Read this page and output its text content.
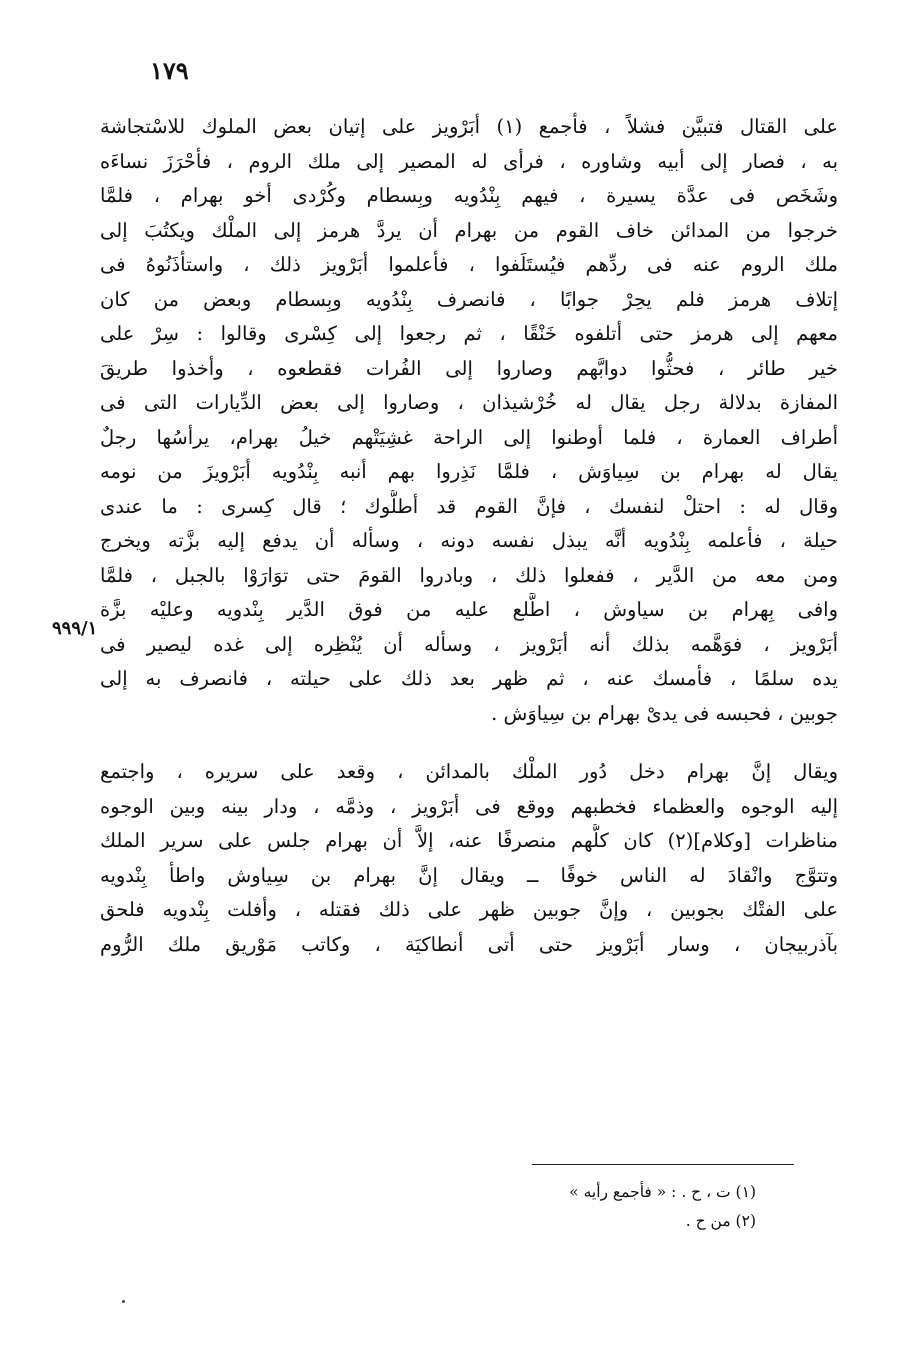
١٧٩
على القتال فتبيَّن فشلاً ، فأجمع (١) أبَرْويز على إتيان بعض الملوك للاسْتجاشة
به ، فصار إلى أبيه وشاوره ، فرأى له المصير إلى ملك الروم ، فأحْرَزَ نساءَه
وشَخَص فى عدَّة يسيرة ، فيهم بِنْدُويه وبِسطام وكُرْدى أخو بهرام ، فلمَّا
خرجوا من المدائن خاف القوم من بهرام أن يردَّ هرمز إلى الملْك ويكتُبَ إلى
ملك الروم عنه فى ردِّهم فيُستَلَفوا ، فأعلموا أبَرْويز ذلك ، واستأذَنُوهُ فى
إتلاف هرمز فلم يحِرْ جوابًا ، فانصرف بِنْدُويه وبِسطام وبعض من كان
معهم إلى هرمز حتى أتلفوه خَنْقًا ، ثم رجعوا إلى كِسْرى وقالوا : سِرْ على
خير طائر ، فحثُّوا دوابَّهم وصاروا إلى الفُرات فقطعوه ، وأخذوا طريقَ
المفازة بدلالة رجل يقال له خُرْشيذان ، وصاروا إلى بعض الدِّيارات التى فى
أطراف العمارة ، فلما أوطنوا إلى الراحة غشِيَتْهم خيلُ بهرام، يرأسُها رجلٌ
يقال له بهرام بن سِياوَش ، فلمَّا نَذِروا بهم أنبه بِنْدُويه أبَرْويزَ من نومه
وقال له : احتلْ لنفسك ، فإنَّ القوم قد أطلُّوك ؛ قال كِسرى : ما عندى
حيلة ، فأعلمه بِنْدُويه أنَّه يبذل نفسه دونه ، وسأله أن يدفع إليه بزَّته ويخرج
ومن معه من الدَّير ، ففعلوا ذلك ، وبادروا القومَ حتى توَارَوْا بالجبل ، فلمَّا
وافى بِهرام بن سياوش ، اطَّلع عليه من فوق الدَّير بِنْدويه وعليْه بزَّة
أبَرْويز ، فوَهَّمه بذلك أنه أبَرْويز ، وسأله أن يُنْظِره إلى غده ليصير فى
يده سلمًا ، فأمسك عنه ، ثم ظهر بعد ذلك على حيلته ، فانصرف به إلى
جوبين ، فحبسه فى يدىْ بهرام بن سِياوَش .
ويقال إنَّ بهرام دخل دُور الملْك بالمدائن ، وقعد على سريره ، واجتمع
إليه الوجوه والعظماء فخطبهم ووقع فى أبَرْويز ، وذمَّه ، ودار بينه وبين الوجوه
مناظرات [وكلام](٢) كان كلُّهم منصرفًا عنه، إلاَّ أن بهرام جلس على سرير الملك
وتتوَّج وانْقادَ له الناس خوفًا ــ ويقال إنَّ بهرام بن سِياوش واطأ بِنْدويه
على الفتْك بجوبين ، وإنَّ جوبين ظهر على ذلك فقتله ، وأفلت بِنْدويه فلحق
بآذربيجان ، وسار أبَرْويز حتى أتى أنطاكيَة ، وكاتب مَوْريق ملك الرُّوم
٩٩٩/١
(١) ت ، ح . : « فأجمع رأيه »
(٢) من ح .
